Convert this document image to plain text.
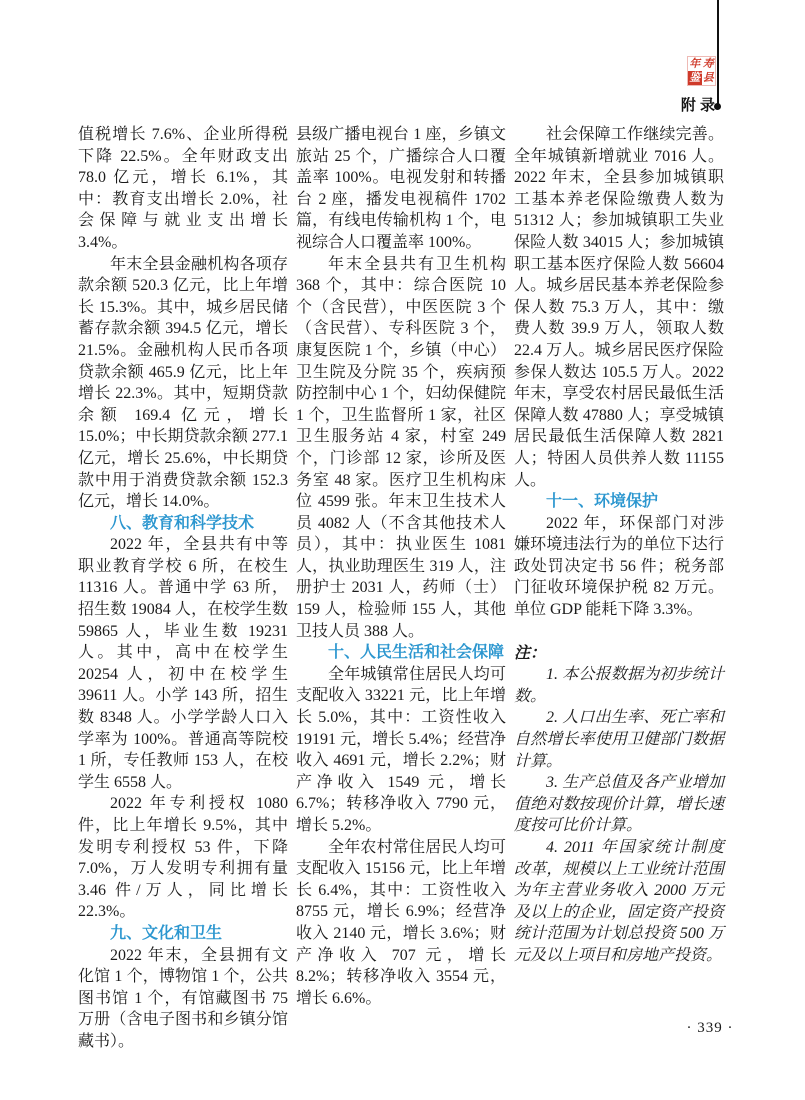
年 寿
鉴 县
附 录

值税增长 7.6%、企业所得税下降 22.5%。全年财政支出 78.0 亿元，增长 6.1%，其中：教育支出增长 2.0%，社会保障与就业支出增长 3.4%。

年末全县金融机构各项存款余额 520.3 亿元，比上年增长 15.3%。其中，城乡居民储蓄存款余额 394.5 亿元，增长 21.5%。金融机构人民币各项贷款余额 465.9 亿元，比上年增长 22.3%。其中，短期贷款余额 169.4 亿元，增长 15.0%；中长期贷款余额 277.1 亿元，增长 25.6%，中长期贷款中用于消费贷款余额 152.3 亿元，增长 14.0%。

八、教育和科学技术

2022 年，全县共有中等职业教育学校 6 所，在校生 11316 人。普通中学 63 所，招生数 19084 人，在校学生数 59865 人，毕业生数 19231 人。其中，高中在校学生 20254 人，初中在校学生 39611 人。小学 143 所，招生数 8348 人。小学学龄人口入学率为 100%。普通高等院校 1 所，专任教师 153 人，在校学生 6558 人。

2022 年专利授权 1080 件，比上年增长 9.5%，其中发明专利授权 53 件，下降 7.0%，万人发明专利拥有量 3.46 件/万人，同比增长 22.3%。

九、文化和卫生

2022 年末，全县拥有文化馆 1 个，博物馆 1 个，公共图书馆 1 个，有馆藏图书 75 万册（含电子图书和乡镇分馆藏书）。

县级广播电视台 1 座，乡镇文旅站 25 个，广播综合人口覆盖率 100%。电视发射和转播台 2 座，播发电视稿件 1702 篇，有线电传输机构 1 个，电视综合人口覆盖率 100%。

年末全县共有卫生机构 368 个，其中：综合医院 10 个（含民营），中医医院 3 个（含民营）、专科医院 3 个，康复医院 1 个，乡镇（中心）卫生院及分院 35 个，疾病预防控制中心 1 个，妇幼保健院 1 个，卫生监督所 1 家，社区卫生服务站 4 家，村室 249 个，门诊部 12 家，诊所及医务室 48 家。医疗卫生机构床位 4599 张。年末卫生技术人员 4082 人（不含其他技术人员），其中：执业医生 1081 人，执业助理医生 319 人，注册护士 2031 人，药师（士）159 人，检验师 155 人，其他卫技人员 388 人。

十、人民生活和社会保障

全年城镇常住居民人均可支配收入 33221 元，比上年增长 5.0%，其中：工资性收入 19191 元，增长 5.4%；经营净收入 4691 元，增长 2.2%；财产净收入 1549 元，增长 6.7%；转移净收入 7790 元，增长 5.2%。

全年农村常住居民人均可支配收入 15156 元，比上年增长 6.4%，其中：工资性收入 8755 元，增长 6.9%；经营净收入 2140 元，增长 3.6%；财产净收入 707 元，增长 8.2%；转移净收入 3554 元，增长 6.6%。

社会保障工作继续完善。全年城镇新增就业 7016 人。2022 年末，全县参加城镇职工基本养老保险缴费人数为 51312 人；参加城镇职工失业保险人数 34015 人；参加城镇职工基本医疗保险人数 56604 人。城乡居民基本养老保险参保人数 75.3 万人，其中：缴费人数 39.9 万人，领取人数 22.4 万人。城乡居民医疗保险参保人数达 105.5 万人。2022 年末，享受农村居民最低生活保障人数 47880 人；享受城镇居民最低生活保障人数 2821 人；特困人员供养人数 11155 人。

十一、环境保护

2022 年，环保部门对涉嫌环境违法行为的单位下达行政处罚决定书 56 件；税务部门征收环境保护税 82 万元。单位 GDP 能耗下降 3.3%。

注：

1. 本公报数据为初步统计数。

2. 人口出生率、死亡率和自然增长率使用卫健部门数据计算。

3. 生产总值及各产业增加值绝对数按现价计算，增长速度按可比价计算。

4. 2011 年国家统计制度改革，规模以上工业统计范围为年主营业务收入 2000 万元及以上的企业，固定资产投资统计范围为计划总投资 500 万元及以上项目和房地产投资。

· 339 ·
